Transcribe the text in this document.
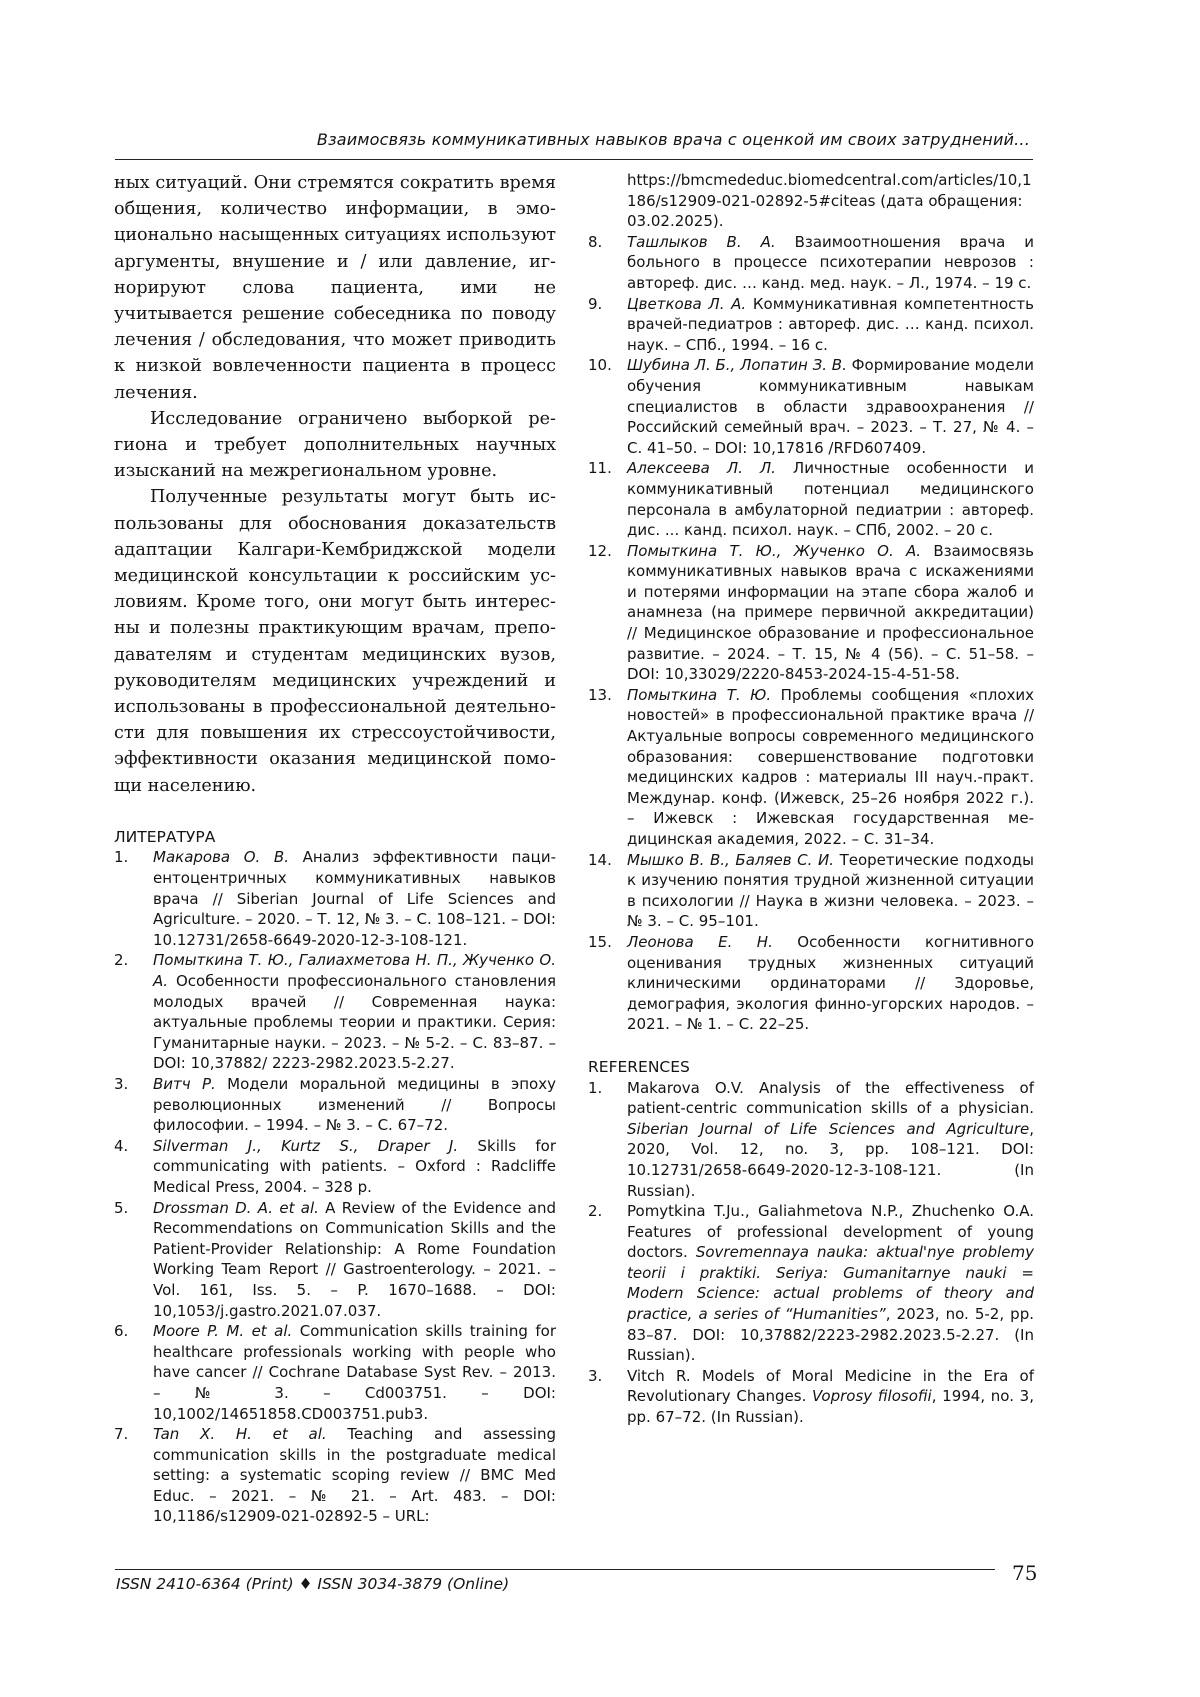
Взаимосвязь коммуникативных навыков врача с оценкой им своих затруднений...

ных ситуаций. Они стремятся сократить время общения, количество информации, в эмоционально насыщенных ситуациях используют аргументы, внушение и / или давление, игнорируют слова пациента, ими не учитывается решение собеседника по поводу лечения / обследования, что может приводить к низкой вовлеченности пациента в процесс лечения.

Исследование ограничено выборкой региона и требует дополнительных научных изысканий на межрегиональном уровне.

Полученные результаты могут быть использованы для обоснования доказательств адаптации Калгари-Кембриджской модели медицинской консультации к российским условиям. Кроме того, они могут быть интересны и полезны практикующим врачам, преподавателям и студентам медицинских вузов, руководителям медицинских учреждений и использованы в профессиональной деятельности для повышения их стрессоустойчивости, эффективности оказания медицинской помощи населению.

ЛИТЕРАТУРА
1. Макарова О. В. Анализ эффективности пациентоцентричных коммуникативных навыков врача // Siberian Journal of Life Sciences and Agriculture. – 2020. – Т. 12, № 3. – С. 108–121. – DOI: 10.12731/2658-6649-2020-12-3-108-121.
2. Помыткина Т. Ю., Галиахметова Н. П., Жученко О. А. Особенности профессионального становления молодых врачей // Современная наука: актуальные проблемы теории и практики. Серия: Гуманитарные науки. – 2023. – № 5-2. – С. 83–87. – DOI: 10,37882/ 2223-2982.2023.5-2.27.
3. Витч Р. Модели моральной медицины в эпоху революционных изменений // Вопросы философии. – 1994. – № 3. – С. 67–72.
4. Silverman J., Kurtz S., Draper J. Skills for communicating with patients. – Oxford : Radcliffe Medical Press, 2004. – 328 p.
5. Drossman D. A. et al. A Review of the Evidence and Recommendations on Communication Skills and the Patient-Provider Relationship: A Rome Foundation Working Team Report // Gastroenterology. – 2021. – Vol. 161, Iss. 5. – P. 1670–1688. – DOI: 10,1053/j.gastro.2021.07.037.
6. Moore P. M. et al. Communication skills training for healthcare professionals working with people who have cancer // Cochrane Database Syst Rev. – 2013. – № 3. – Cd003751. – DOI: 10,1002/14651858.CD003751.pub3.
7. Tan X. H. et al. Teaching and assessing communication skills in the postgraduate medical setting: a systematic scoping review // BMC Med Educ. – 2021. – № 21. – Art. 483. – DOI: 10,1186/s12909-021-02892-5 – URL:
https://bmcmededuc.biomedcentral.com/articles/10,1186/s12909-021-02892-5#citeas (дата обращения: 03.02.2025).
8. Ташлыков В. А. Взаимоотношения врача и больного в процессе психотерапии неврозов : автореф. дис. … канд. мед. наук. – Л., 1974. – 19 с.
9. Цветкова Л. А. Коммуникативная компетентность врачей-педиатров : автореф. дис. … канд. психол. наук. – СПб., 1994. – 16 с.
10. Шубина Л. Б., Лопатин З. В. Формирование модели обучения коммуникативным навыкам специалистов в области здравоохранения // Российский семейный врач. – 2023. – Т. 27, № 4. – С. 41–50. – DOI: 10,17816 /RFD607409.
11. Алексеева Л. Л. Личностные особенности и коммуникативный потенциал медицинского персонала в амбулаторной педиатрии : автореф. дис. ... канд. психол. наук. – СПб, 2002. – 20 с.
12. Помыткина Т. Ю., Жученко О. А. Взаимосвязь коммуникативных навыков врача с искажениями и потерями информации на этапе сбора жалоб и анамнеза (на примере первичной аккредитации) // Медицинское образование и профессиональное развитие. – 2024. – Т. 15, № 4 (56). – С. 51–58. – DOI: 10,33029/2220-8453-2024-15-4-51-58.
13. Помыткина Т. Ю. Проблемы сообщения «плохих новостей» в профессиональной практике врача // Актуальные вопросы современного медицинского образования: совершенствование подготовки медицинских кадров : материалы III науч.-практ. Междунар. конф. (Ижевск, 25–26 ноября 2022 г.). – Ижевск : Ижевская государственная медицинская академия, 2022. – С. 31–34.
14. Мышко В. В., Баляев С. И. Теоретические подходы к изучению понятия трудной жизненной ситуации в психологии // Наука в жизни человека. – 2023. – № 3. – С. 95–101.
15. Леонова Е. Н. Особенности когнитивного оценивания трудных жизненных ситуаций клиническими ординаторами // Здоровье, демография, экология финно-угорских народов. – 2021. – № 1. – С. 22–25.
REFERENCES
1. Makarova O.V. Analysis of the effectiveness of patient-centric communication skills of a physician. Siberian Journal of Life Sciences and Agriculture, 2020, Vol. 12, no. 3, pp. 108–121. DOI: 10.12731/2658-6649-2020-12-3-108-121. (In Russian).
2. Pomytkina T.Ju., Galiahmetova N.P., Zhuchenko O.A. Features of professional development of young doctors. Sovremennaya nauka: aktual'nye problemy teorii i praktiki. Seriya: Gumanitarnye nauki = Modern Science: actual problems of theory and practice, a series of “Humanities”, 2023, no. 5-2, pp. 83–87. DOI: 10,37882/2223-2982.2023.5-2.27. (In Russian).
3. Vitch R. Models of Moral Medicine in the Era of Revolutionary Changes. Voprosy filosofii, 1994, no. 3, pp. 67–72. (In Russian).
ISSN 2410-6364 (Print) ♦ ISSN 3034-3879 (Online)	75
